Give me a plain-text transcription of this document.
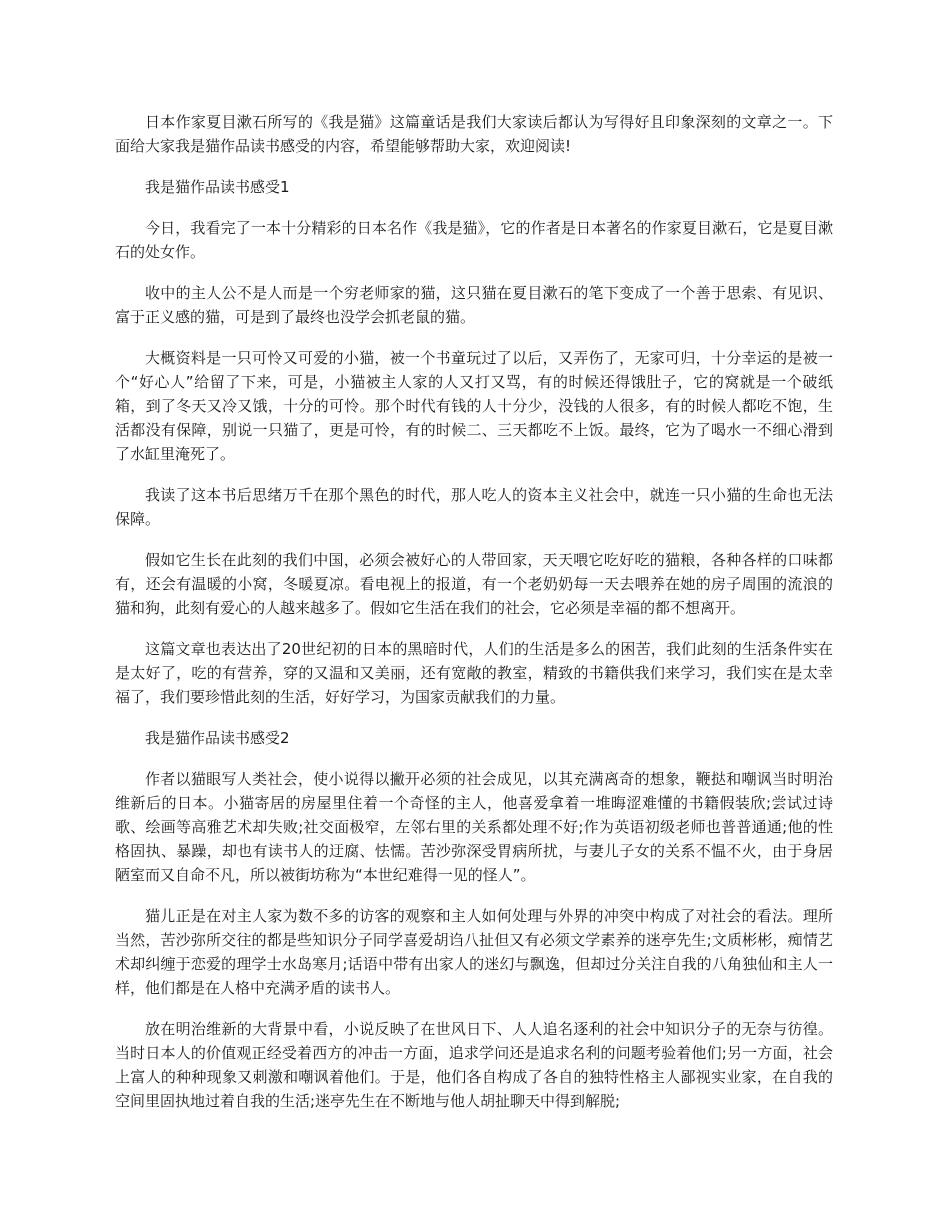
日本作家夏目漱石所写的《我是猫》这篇童话是我们大家读后都认为写得好且印象深刻的文章之一。下面给大家我是猫作品读书感受的内容，希望能够帮助大家，欢迎阅读!

我是猫作品读书感受1

今日，我看完了一本十分精彩的日本名作《我是猫》，它的作者是日本著名的作家夏目漱石，它是夏目漱石的处女作。

收中的主人公不是人而是一个穷老师家的猫，这只猫在夏目漱石的笔下变成了一个善于思索、有见识、富于正义感的猫，可是到了最终也没学会抓老鼠的猫。

大概资料是一只可怜又可爱的小猫，被一个书童玩过了以后，又弄伤了，无家可归，十分幸运的是被一个“好心人”给留了下来，可是，小猫被主人家的人又打又骂，有的时候还得饿肚子，它的窝就是一个破纸箱，到了冬天又冷又饿，十分的可怜。那个时代有钱的人十分少，没钱的人很多，有的时候人都吃不饱，生活都没有保障，别说一只猫了，更是可怜，有的时候二、三天都吃不上饭。最终，它为了喝水一不细心滑到了水缸里淹死了。

我读了这本书后思绪万千在那个黑色的时代，那人吃人的资本主义社会中，就连一只小猫的生命也无法保障。

假如它生长在此刻的我们中国，必须会被好心的人带回家，天天喂它吃好吃的猫粮，各种各样的口味都有，还会有温暖的小窝，冬暖夏凉。看电视上的报道，有一个老奶奶每一天去喂养在她的房子周围的流浪的猫和狗，此刻有爱心的人越来越多了。假如它生活在我们的社会，它必须是幸福的都不想离开。

这篇文章也表达出了20世纪初的日本的黑暗时代，人们的生活是多么的困苦，我们此刻的生活条件实在是太好了，吃的有营养，穿的又温和又美丽，还有宽敞的教室，精致的书籍供我们来学习，我们实在是太幸福了，我们要珍惜此刻的生活，好好学习，为国家贡献我们的力量。

我是猫作品读书感受2

作者以猫眼写人类社会，使小说得以撇开必须的社会成见，以其充满离奇的想象，鞭挞和嘲讽当时明治维新后的日本。小猫寄居的房屋里住着一个奇怪的主人，他喜爱拿着一堆晦涩难懂的书籍假装欣;尝试过诗歌、绘画等高雅艺术却失败;社交面极窄，左邻右里的关系都处理不好;作为英语初级老师也普普通通;他的性格固执、暴躁，却也有读书人的迂腐、怯懦。苦沙弥深受胃病所扰，与妻儿子女的关系不愠不火，由于身居陋室而又自命不凡，所以被街坊称为“本世纪难得一见的怪人”。

猫儿正是在对主人家为数不多的访客的观察和主人如何处理与外界的冲突中构成了对社会的看法。理所当然，苦沙弥所交往的都是些知识分子同学喜爱胡诌八扯但又有必须文学素养的迷亭先生;文质彬彬，痴情艺术却纠缠于恋爱的理学士水岛寒月;话语中带有出家人的迷幻与飘逸，但却过分关注自我的八角独仙和主人一样，他们都是在人格中充满矛盾的读书人。

放在明治维新的大背景中看，小说反映了在世风日下、人人追名逐利的社会中知识分子的无奈与彷徨。当时日本人的价值观正经受着西方的冲击一方面，追求学问还是追求名利的问题考验着他们;另一方面，社会上富人的种种现象又刺激和嘲讽着他们。于是，他们各自构成了各自的独特性格主人鄙视实业家，在自我的空间里固执地过着自我的生活;迷亭先生在不断地与他人胡扯聊天中得到解脱;
